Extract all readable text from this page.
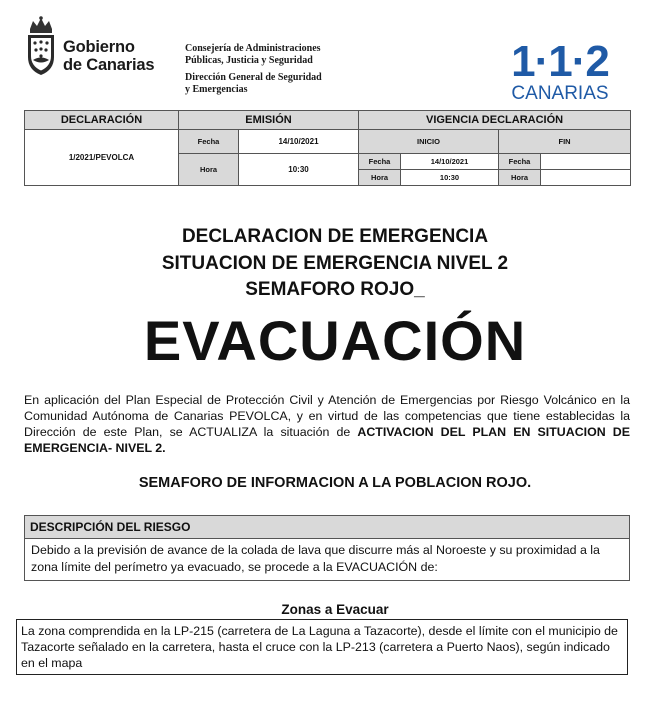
Gobierno
de Canarias
Consejería de Administraciones
Públicas, Justicia y Seguridad
Dirección General de Seguridad
y Emergencias
1·1·2
CANARIAS
DECLARACIÓN	EMISIÓN		VIGENCIA DECLARACIÓN			
1/2021/PEVOLCA	Fecha	14/10/2021	INICIO		FIN	
	Hora	10:30	Fecha	14/10/2021	Fecha	
			Hora	10:30	Hora	
DECLARACION DE EMERGENCIA
SITUACION DE EMERGENCIA NIVEL 2
SEMAFORO ROJO_
EVACUACIÓN
En aplicación del Plan Especial de Protección Civil y Atención de Emergencias por Riesgo Volcánico en la Comunidad Autónoma de Canarias PEVOLCA, y en virtud de las competencias que tiene establecidas la Dirección de este Plan, se ACTUALIZA la situación de ACTIVACION DEL PLAN EN SITUACION DE EMERGENCIA- NIVEL 2.
SEMAFORO DE INFORMACION A LA POBLACION ROJO.
DESCRIPCIÓN DEL RIESGO
Debido a la previsión de avance de la colada de lava que discurre más al Noroeste y su proximidad a la zona límite del perímetro ya evacuado, se procede a la EVACUACIÓN de:
Zonas a Evacuar
La zona comprendida en la LP-215 (carretera de La Laguna a Tazacorte), desde el límite con el municipio de Tazacorte señalado en la carretera, hasta el cruce con la LP-213 (carretera a Puerto Naos), según indicado en el mapa
